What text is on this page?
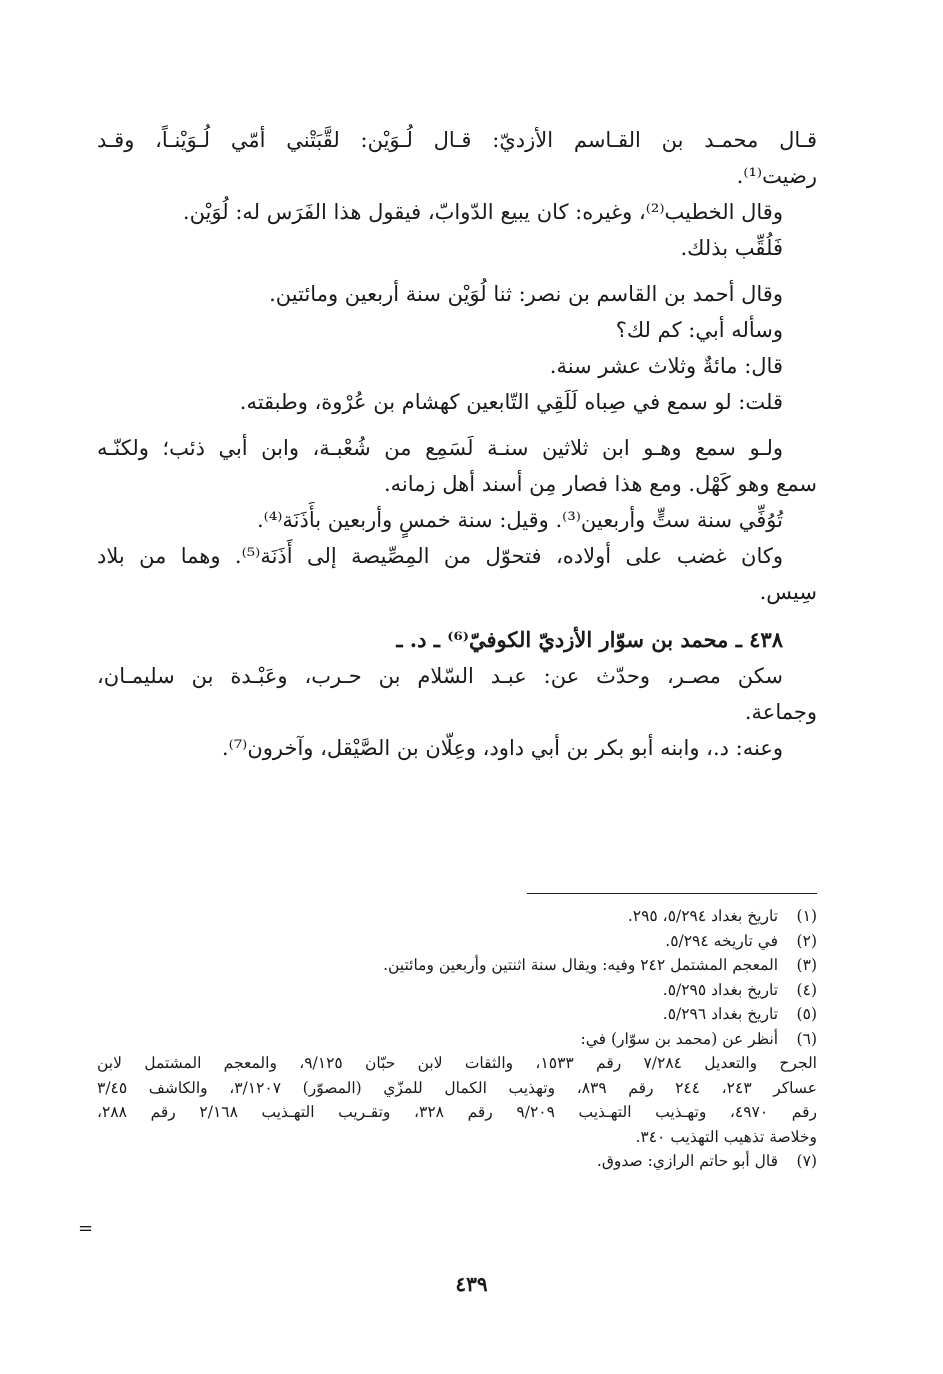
قـال محمـد بن القـاسم الأزديّ: قـال لُـوَيْن: لقَّبَتْني أمّي لُـوَيْنـاً، وقـد
رضيت⁽¹⁾.
وقال الخطيب⁽²⁾، وغيره: كان يبيع الدّوابّ، فيقول هذا الفَرَس له: لُوَيْن.
فَلُقِّب بذلك.
وقال أحمد بن القاسم بن نصر: ثنا لُوَيْن سنة أربعين ومائتين.
وسأله أبي: كم لك؟
قال: مائةٌ وثلاث عشر سنة.
قلت: لو سمع في صِباه لَلَقِي التّابعين كهشام بن عُرْوة، وطبقته.
ولـو سمع وهـو ابن ثلاثين سنـة لَسَمِع من شُعْبـة، وابن أبي ذئب؛ ولكنّـه
سمع وهو كَهْل. ومع هذا فصار مِن أسند أهل زمانه.
تُوُفِّي سنة ستٍّ وأربعين⁽³⁾. وقيل: سنة خمسٍ وأربعين بأَذَنَة⁽⁴⁾.
وكان غضب على أولاده، فتحوّل من المِصِّيصة إلى أَذَنَة⁽⁵⁾. وهما من بلاد
سِيس.
٤٣٨ ـ محمد بن سوّار الأزديّ الكوفيّ⁽⁶⁾ ـ د. ـ
سكن مصـر، وحدّث عن: عبـد السّلام بن حـرب، وعَبْـدة بن سليمـان،
وجماعة.
وعنه: د.، وابنه أبو بكر بن أبي داود، وعِلّان بن الصَّيْقل، وآخرون⁽⁷⁾.
(١) تاريخ بغداد ٥/٢٩٤، ٢٩٥.
(٢) في تاريخه ٥/٢٩٤.
(٣) المعجم المشتمل ٢٤٢ وفيه: ويقال سنة اثنتين وأربعين ومائتين.
(٤) تاريخ بغداد ٥/٢٩٥.
(٥) تاريخ بغداد ٥/٢٩٦.
(٦) أنظر عن (محمد بن سوّار) في:
الجرح والتعديل ٧/٢٨٤ رقم ١٥٣٣، والثقات لابن حبّان ٩/١٢٥، والمعجم المشتمل لابن
عساكر ٢٤٣، ٢٤٤ رقم ٨٣٩، وتهذيب الكمال للمزّي (المصوّر) ٣/١٢٠٧، والكاشف ٣/٤٥
رقم ٤٩٧٠، وتهـذيب التهـذيب ٩/٢٠٩ رقم ٣٢٨، وتقـريب التهـذيب ٢/١٦٨ رقم ٢٨٨،
وخلاصة تذهيب التهذيب ٣٤٠.
(٧) قال أبو حاتم الرازي: صدوق.
=
٤٣٩
